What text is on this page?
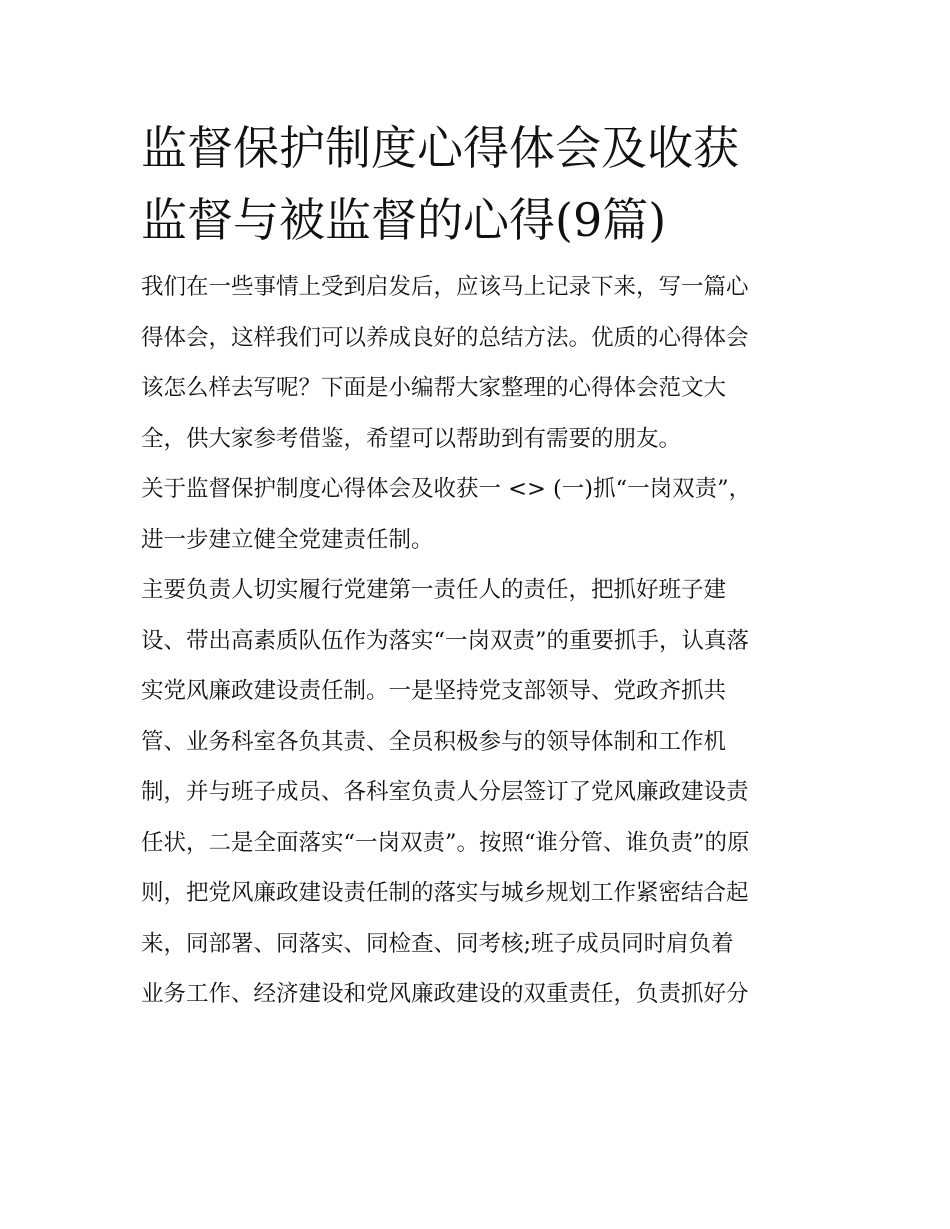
监督保护制度心得体会及收获
监督与被监督的心得(9篇)

我们在一些事情上受到启发后，应该马上记录下来，写一篇心
得体会，这样我们可以养成良好的总结方法。优质的心得体会
该怎么样去写呢？下面是小编帮大家整理的心得体会范文大
全，供大家参考借鉴，希望可以帮助到有需要的朋友。

关于监督保护制度心得体会及收获一 <> (一)抓“一岗双责”，
进一步建立健全党建责任制。

主要负责人切实履行党建第一责任人的责任，把抓好班子建
设、带出高素质队伍作为落实“一岗双责”的重要抓手，认真落
实党风廉政建设责任制。一是坚持党支部领导、党政齐抓共
管、业务科室各负其责、全员积极参与的领导体制和工作机
制，并与班子成员、各科室负责人分层签订了党风廉政建设责
任状，二是全面落实“一岗双责”。按照“谁分管、谁负责”的原
则，把党风廉政建设责任制的落实与城乡规划工作紧密结合起
来，同部署、同落实、同检查、同考核;班子成员同时肩负着
业务工作、经济建设和党风廉政建设的双重责任，负责抓好分
